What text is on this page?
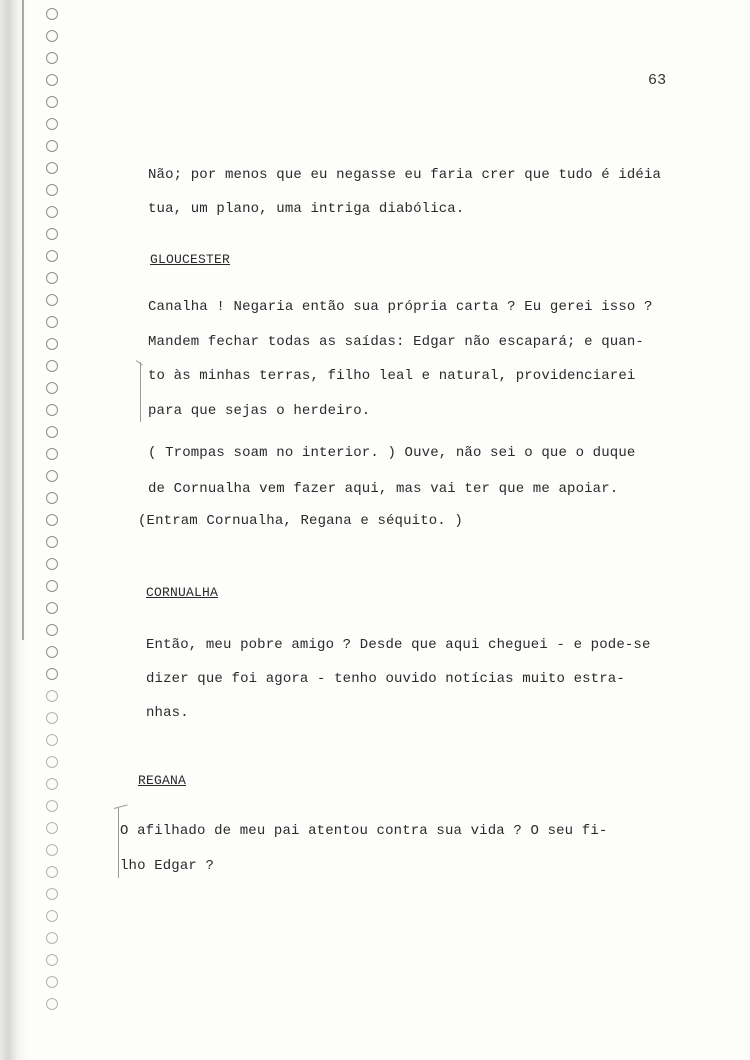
63
Não; por menos que eu negasse eu faria crer que tudo é idéia
tua, um plano, uma intriga diabólica.
GLOUCESTER
Canalha ! Negaria então sua própria carta ? Eu gerei isso ?
Mandem fechar todas as saídas: Edgar não escapará; e quan-
to às minhas terras, filho leal e natural, providenciarei
para que sejas o herdeiro.
( Trompas soam no interior. ) Ouve, não sei o que o duque
de Cornualha vem fazer aqui, mas vai ter que me apoiar.
(Entram Cornualha, Regana e séquito. )
CORNUALHA
Então, meu pobre amigo ? Desde que aqui cheguei - e pode-se
dizer que foi agora - tenho ouvido notícias muito estra-
nhas.
REGANA
O afilhado de meu pai atentou contra sua vida ? O seu fi-
lho Edgar ?
